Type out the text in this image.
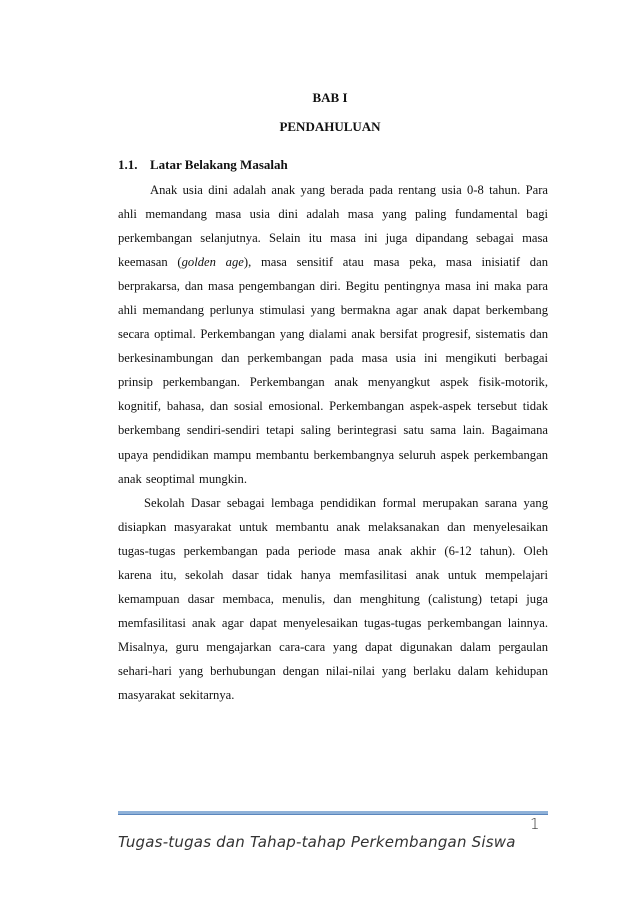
BAB I
PENDAHULUAN
1.1. Latar Belakang Masalah

Anak usia dini adalah anak yang berada pada rentang usia 0-8 tahun. Para ahli memandang masa usia dini adalah masa yang paling fundamental bagi perkembangan selanjutnya. Selain itu masa ini juga dipandang sebagai masa keemasan (golden age), masa sensitif atau masa peka, masa inisiatif dan berprakarsa, dan masa pengembangan diri. Begitu pentingnya masa ini maka para ahli memandang perlunya stimulasi yang bermakna agar anak dapat berkembang secara optimal. Perkembangan yang dialami anak bersifat progresif, sistematis dan berkesinambungan dan perkembangan pada masa usia ini mengikuti berbagai prinsip perkembangan. Perkembangan anak menyangkut aspek fisik-motorik, kognitif, bahasa, dan sosial emosional. Perkembangan aspek-aspek tersebut tidak berkembang sendiri-sendiri tetapi saling berintegrasi satu sama lain. Bagaimana upaya pendidikan mampu membantu berkembangnya seluruh aspek perkembangan anak seoptimal mungkin.

Sekolah Dasar sebagai lembaga pendidikan formal merupakan sarana yang disiapkan masyarakat untuk membantu anak melaksanakan dan menyelesaikan tugas-tugas perkembangan pada periode masa anak akhir (6-12 tahun). Oleh karena itu, sekolah dasar tidak hanya memfasilitasi anak untuk mempelajari kemampuan dasar membaca, menulis, dan menghitung (calistung) tetapi juga memfasilitasi anak agar dapat menyelesaikan tugas-tugas perkembangan lainnya. Misalnya, guru mengajarkan cara-cara yang dapat digunakan dalam pergaulan sehari-hari yang berhubungan dengan nilai-nilai yang berlaku dalam kehidupan masyarakat sekitarnya.

1
Tugas-tugas dan Tahap-tahap Perkembangan Siswa
